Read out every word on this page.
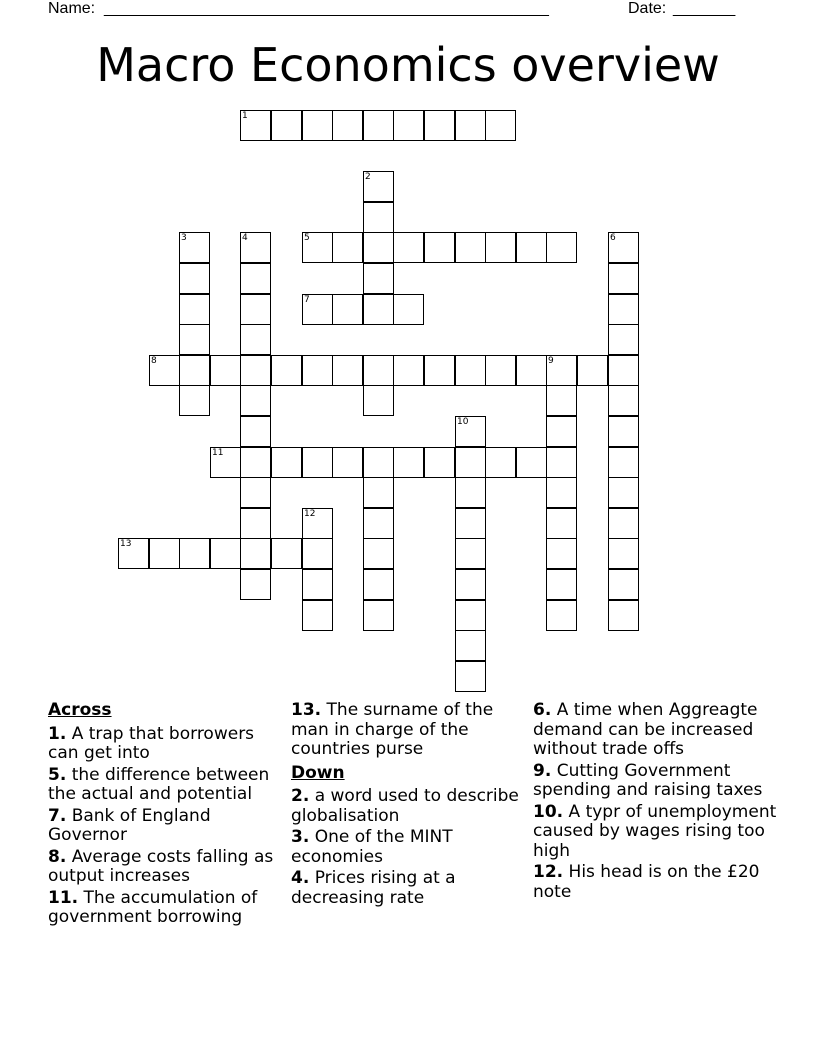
Name: __________________________________________________	Date: _______
Macro Economics overview
1
2
3	4	5	6
7
8	9
10
11
12
13
Across

1. A trap that borrowers can get into

5. the difference between the actual and potential

7. Bank of England Governor

8. Average costs falling as output increases

11. The accumulation of government borrowing

13. The surname of the man in charge of the countries purse

Down

2. a word used to describe globalisation

3. One of the MINT economies

4. Prices rising at a decreasing rate

6. A time when Aggreagte demand can be increased without trade offs

9. Cutting Government spending and raising taxes

10. A typr of unemployment caused by wages rising too high

12. His head is on the £20 note
